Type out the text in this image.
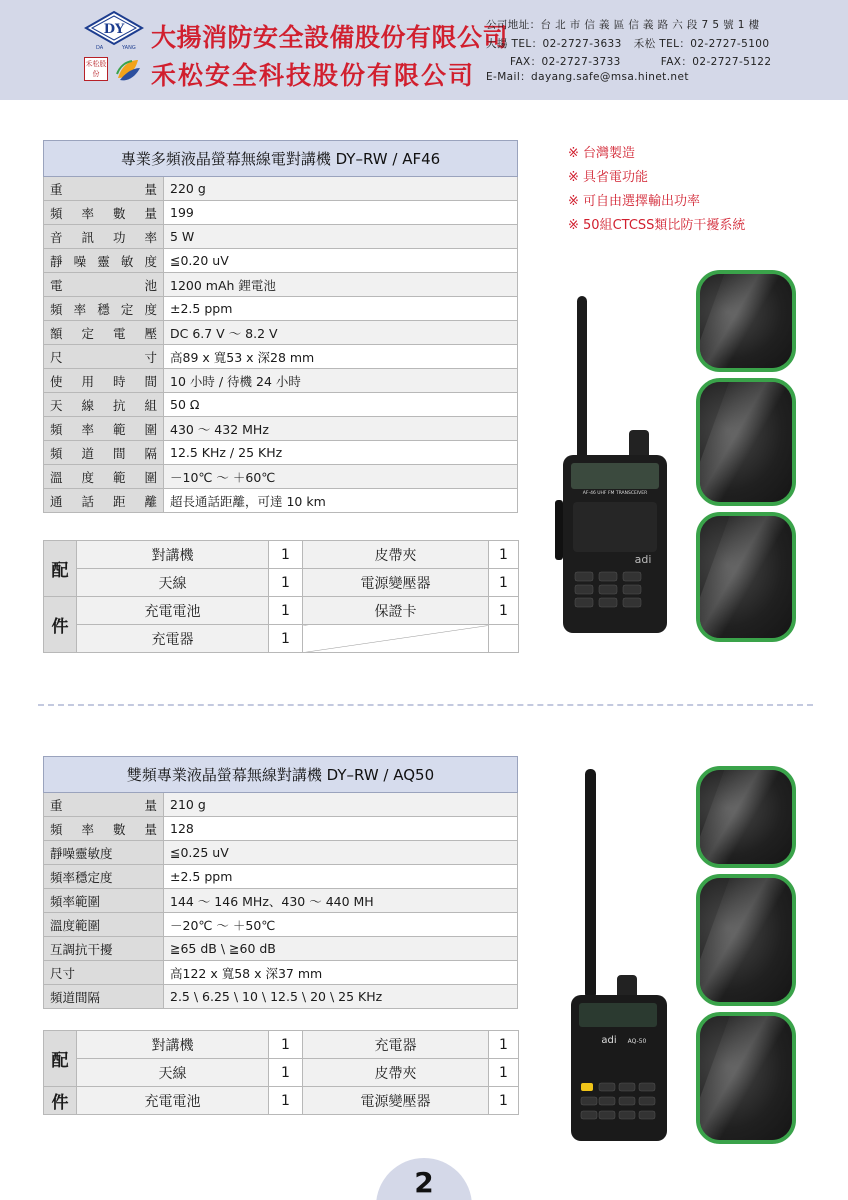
DY
DA	YANG
禾松股份
大揚消防安全設備股份有限公司
禾松安全科技股份有限公司
公司地址：台 北 市 信 義 區 信 義 路 六 段 7 5 號 1 樓
大揚 TEL：02-2727-3633 禾松 TEL：02-2727-5100
FAX：02-2727-3733	FAX：02-2727-5122
E-Mail：dayang.safe@msa.hinet.net
專業多頻液晶螢幕無線電對講機 DY–RW / AF46	

重 量	220 g

頻 率 數 量	199

音 訊 功 率	5 W

靜 噪 靈 敏 度	≦0.20 uV

電 池	1200 mAh 鋰電池

頻 率 穩 定 度	±2.5 ppm

額 定 電 壓	DC 6.7 V ～ 8.2 V

尺 寸	高89 x 寬53 x 深28 mm

使 用 時 間	10 小時 / 待機 24 小時

天 線 抗 組	50 Ω

頻 率 範 圍	430 ～ 432 MHz

頻 道 間 隔	12.5 KHz / 25 KHz

溫 度 範 圍	－10℃ ～ ＋60℃

通 話 距 離	超長通話距離，可達 10 km
配	對講機	1	皮帶夾	1
	天線	1	電源變壓器	1
件	充電電池	1	保證卡	1
	充電器	1		
※ 台灣製造
※ 具省電功能
※ 可自由選擇輸出功率
※ 50組CTCSS類比防干擾系統
AF-46 UHF FM TRANSCEIVER
adi
雙頻專業液晶螢幕無線對講機 DY–RW / AQ50	

重 量	210 g

頻 率 數 量	128

靜噪靈敏度	≦0.25 uV

頻率穩定度	±2.5 ppm

頻率範圍	144 ～ 146 MHz、430 ～ 440 MH

溫度範圍	－20℃ ～ ＋50℃

互調抗干擾	≧65 dB \ ≧60 dB

尺寸	高122 x 寬58 x 深37 mm

頻道間隔	2.5 \ 6.25 \ 10 \ 12.5 \ 20 \ 25 KHz
配	對講機	1	充電器	1
	天線	1	皮帶夾	1
件	充電電池	1	電源變壓器	1
adi AQ-50
2
